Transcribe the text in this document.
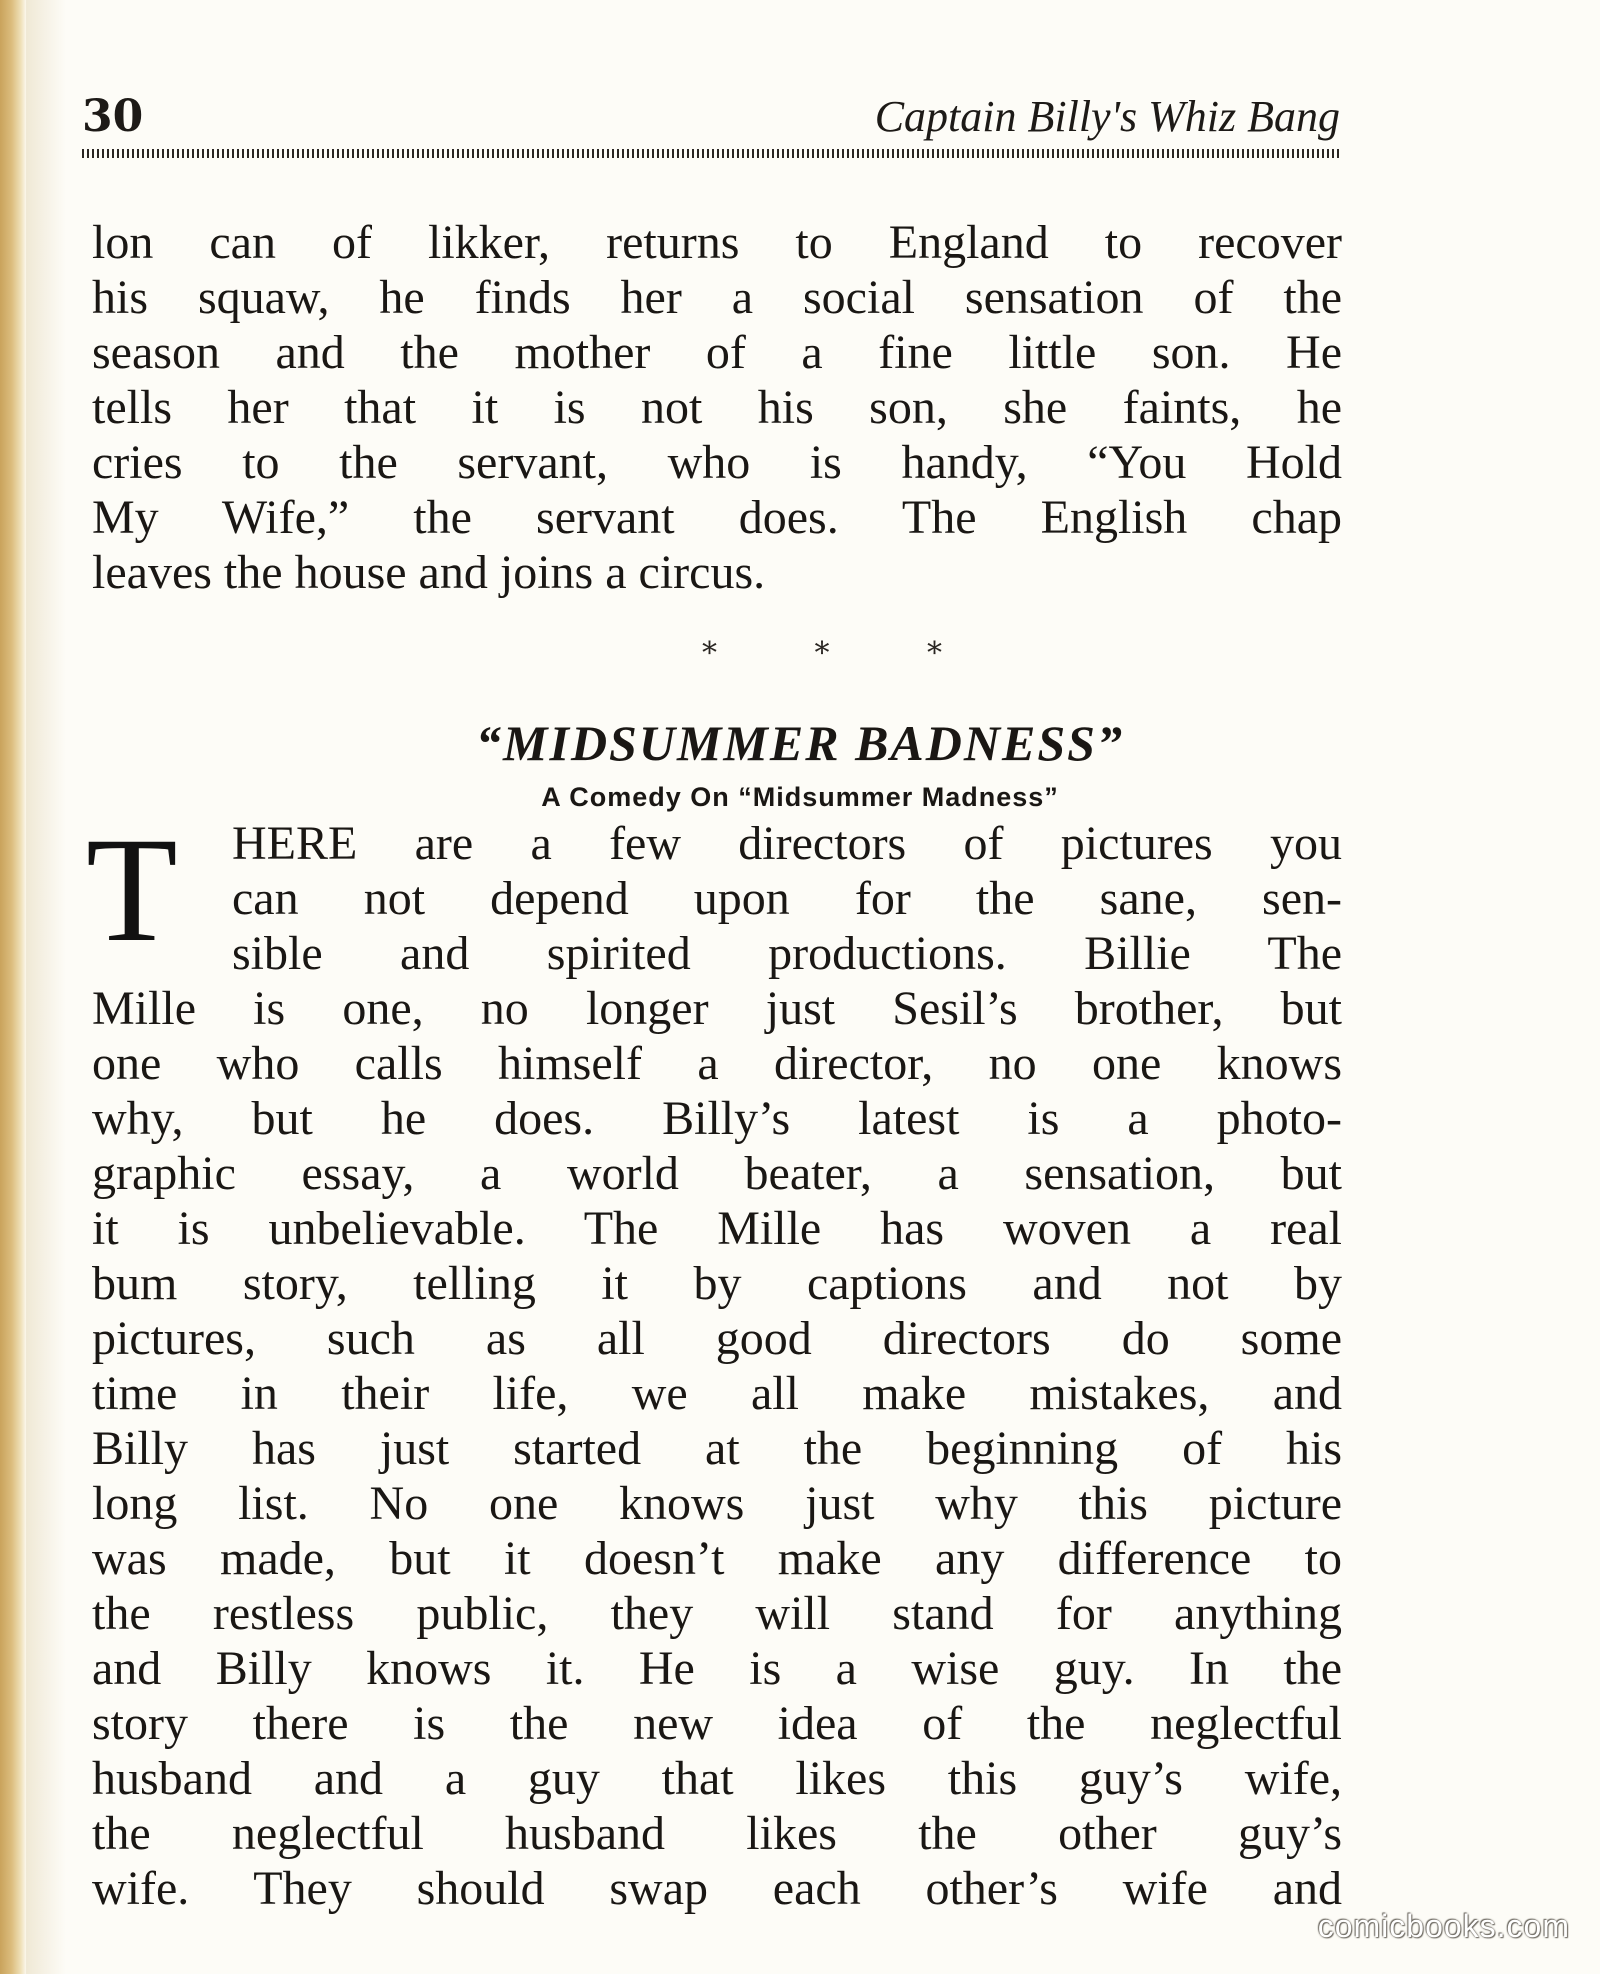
30	Captain Billy's Whiz Bang
lon can of likker, returns to England to recover
his squaw, he finds her a social sensation of the
season and the mother of a fine little son. He
tells her that it is not his son, she faints, he
cries to the servant, who is handy, “You Hold
My Wife,” the servant does. The English chap
leaves the house and joins a circus.
* * *
“MIDSUMMER BADNESS”
A Comedy On “Midsummer Madness”
T HERE are a few directors of pictures you
can not depend upon for the sane, sen-
sible and spirited productions. Billie The
Mille is one, no longer just Sesil’s brother, but
one who calls himself a director, no one knows
why, but he does. Billy’s latest is a photo-
graphic essay, a world beater, a sensation, but
it is unbelievable. The Mille has woven a real
bum story, telling it by captions and not by
pictures, such as all good directors do some
time in their life, we all make mistakes, and
Billy has just started at the beginning of his
long list. No one knows just why this picture
was made, but it doesn’t make any difference to
the restless public, they will stand for anything
and Billy knows it. He is a wise guy. In the
story there is the new idea of the neglectful
husband and a guy that likes this guy’s wife,
the neglectful husband likes the other guy’s
wife. They should swap each other’s wife and
comicbooks.com
